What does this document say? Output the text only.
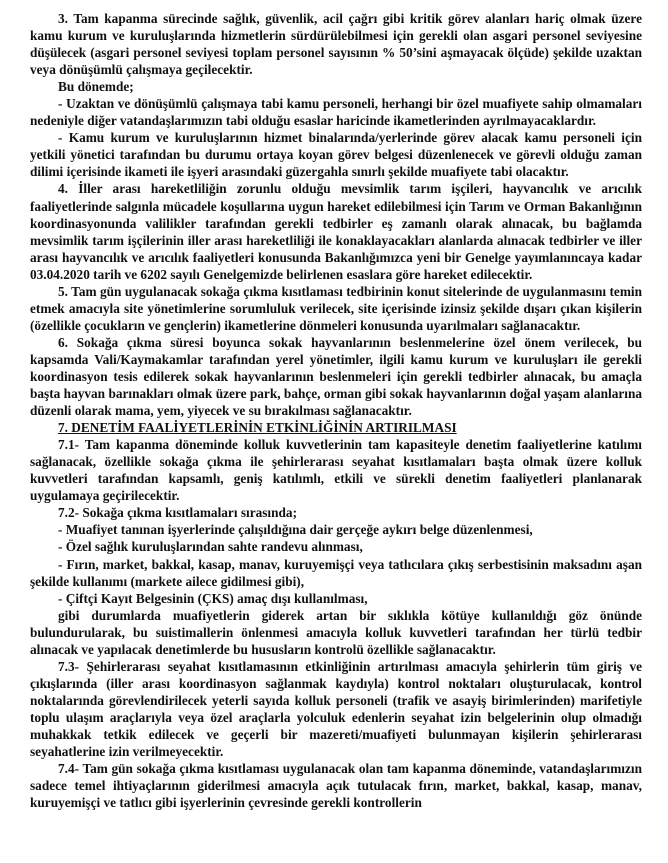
3. Tam kapanma sürecinde sağlık, güvenlik, acil çağrı gibi kritik görev alanları hariç olmak üzere kamu kurum ve kuruluşlarında hizmetlerin sürdürülebilmesi için gerekli olan asgari personel seviyesine düşülecek (asgari personel seviyesi toplam personel sayısının % 50’sini aşmayacak ölçüde) şekilde uzaktan veya dönüşümlü çalışmaya geçilecektir.

Bu dönemde;

- Uzaktan ve dönüşümlü çalışmaya tabi kamu personeli, herhangi bir özel muafiyete sahip olmamaları nedeniyle diğer vatandaşlarımızın tabi olduğu esaslar haricinde ikametlerinden ayrılmayacaklardır.

- Kamu kurum ve kuruluşlarının hizmet binalarında/yerlerinde görev alacak kamu personeli için yetkili yönetici tarafından bu durumu ortaya koyan görev belgesi düzenlenecek ve görevli olduğu zaman dilimi içerisinde ikameti ile işyeri arasındaki güzergahla sınırlı şekilde muafiyete tabi olacaktır.

4. İller arası hareketliliğin zorunlu olduğu mevsimlik tarım işçileri, hayvancılık ve arıcılık faaliyetlerinde salgınla mücadele koşullarına uygun hareket edilebilmesi için Tarım ve Orman Bakanlığının koordinasyonunda valilikler tarafından gerekli tedbirler eş zamanlı olarak alınacak, bu bağlamda mevsimlik tarım işçilerinin iller arası hareketliliği ile konaklayacakları alanlarda alınacak tedbirler ve iller arası hayvancılık ve arıcılık faaliyetleri konusunda Bakanlığımızca yeni bir Genelge yayımlanıncaya kadar 03.04.2020 tarih ve 6202 sayılı Genelgemizde belirlenen esaslara göre hareket edilecektir.

5. Tam gün uygulanacak sokağa çıkma kısıtlaması tedbirinin konut sitelerinde de uygulanmasını temin etmek amacıyla site yönetimlerine sorumluluk verilecek, site içerisinde izinsiz şekilde dışarı çıkan kişilerin (özellikle çocukların ve gençlerin) ikametlerine dönmeleri konusunda uyarılmaları sağlanacaktır.

6. Sokağa çıkma süresi boyunca sokak hayvanlarının beslenmelerine özel önem verilecek, bu kapsamda Vali/Kaymakamlar tarafından yerel yönetimler, ilgili kamu kurum ve kuruluşları ile gerekli koordinasyon tesis edilerek sokak hayvanlarının beslenmeleri için gerekli tedbirler alınacak, bu amaçla başta hayvan barınakları olmak üzere park, bahçe, orman gibi sokak hayvanlarının doğal yaşam alanlarına düzenli olarak mama, yem, yiyecek ve su bırakılması sağlanacaktır.

7. DENETİM FAALİYETLERİNİN ETKİNLİĞİNİN ARTIRILMASI

7.1- Tam kapanma döneminde kolluk kuvvetlerinin tam kapasiteyle denetim faaliyetlerine katılımı sağlanacak, özellikle sokağa çıkma ile şehirlerarası seyahat kısıtlamaları başta olmak üzere kolluk kuvvetleri tarafından kapsamlı, geniş katılımlı, etkili ve sürekli denetim faaliyetleri planlanarak uygulamaya geçirilecektir.

7.2- Sokağa çıkma kısıtlamaları sırasında;

- Muafiyet tanınan işyerlerinde çalışıldığına dair gerçeğe aykırı belge düzenlenmesi,

- Özel sağlık kuruluşlarından sahte randevu alınması,

- Fırın, market, bakkal, kasap, manav, kuruyemişçi veya tatlıcılara çıkış serbestisinin maksadını aşan şekilde kullanımı (markete ailece gidilmesi gibi),

- Çiftçi Kayıt Belgesinin (ÇKS) amaç dışı kullanılması,

gibi durumlarda muafiyetlerin giderek artan bir sıklıkla kötüye kullanıldığı göz önünde bulundurularak, bu suistimallerin önlenmesi amacıyla kolluk kuvvetleri tarafından her türlü tedbir alınacak ve yapılacak denetimlerde bu hususların kontrolü özellikle sağlanacaktır.

7.3- Şehirlerarası seyahat kısıtlamasının etkinliğinin artırılması amacıyla şehirlerin tüm giriş ve çıkışlarında (iller arası koordinasyon sağlanmak kaydıyla) kontrol noktaları oluşturulacak, kontrol noktalarında görevlendirilecek yeterli sayıda kolluk personeli (trafik ve asayiş birimlerinden) marifetiyle toplu ulaşım araçlarıyla veya özel araçlarla yolculuk edenlerin seyahat izin belgelerinin olup olmadığı muhakkak tetkik edilecek ve geçerli bir mazereti/muafiyeti bulunmayan kişilerin şehirlerarası seyahatlerine izin verilmeyecektir.

7.4- Tam gün sokağa çıkma kısıtlaması uygulanacak olan tam kapanma döneminde, vatandaşlarımızın sadece temel ihtiyaçlarının giderilmesi amacıyla açık tutulacak fırın, market, bakkal, kasap, manav, kuruyemişçi ve tatlıcı gibi işyerlerinin çevresinde gerekli kontrollerin
